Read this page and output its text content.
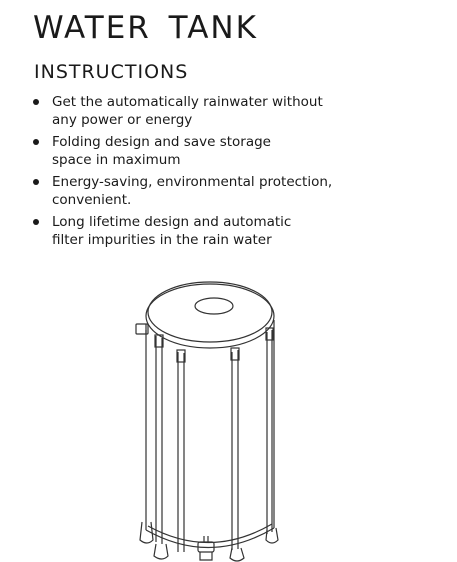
WATER TANK
INSTRUCTIONS
Get the automatically rainwater without
any power or energy
Folding design and save storage
space in maximum
Energy-saving, environmental protection,
convenient.
Long lifetime design and automatic
filter impurities in the rain water
